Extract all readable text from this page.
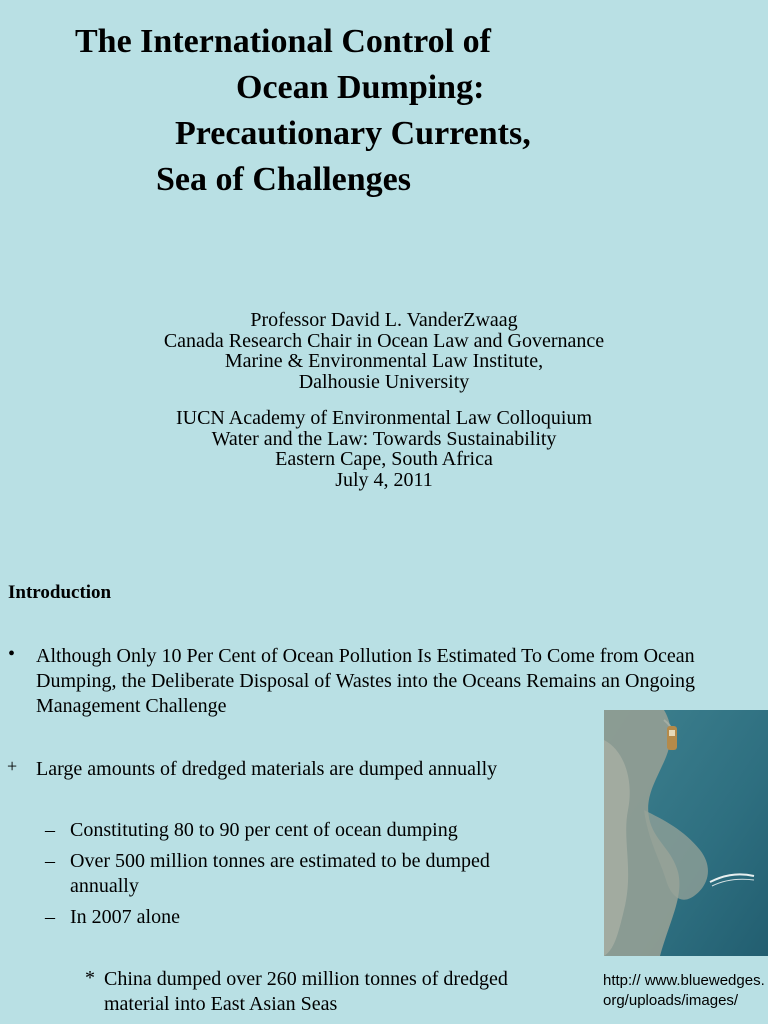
The International Control of
Ocean Dumping:
Precautionary Currents,
Sea of Challenges
Professor David L. VanderZwaag
Canada Research Chair in Ocean Law and Governance
Marine & Environmental Law Institute,
Dalhousie University
IUCN Academy of Environmental Law Colloquium
Water and the Law: Towards Sustainability
Eastern Cape, South Africa
July 4, 2011
Introduction
• Although Only 10 Per Cent of Ocean Pollution Is Estimated To Come from Ocean
Dumping, the Deliberate Disposal of Wastes into the Oceans Remains an Ongoing
Management Challenge
+ Large amounts of dredged materials are dumped annually
– Constituting 80 to 90 per cent of ocean dumping
– Over 500 million tonnes are estimated to be dumped
annually
– In 2007 alone
* China dumped over 260 million tonnes of dredged
material into East Asian Seas
http:// www.bluewedges.org/uploads/images/
